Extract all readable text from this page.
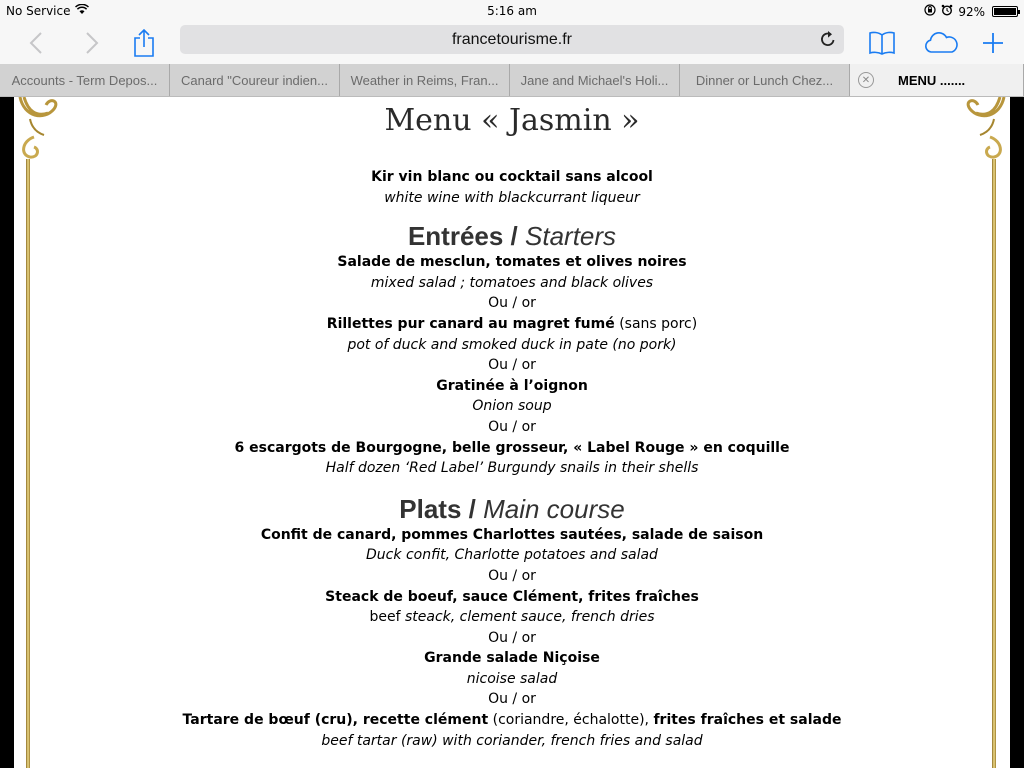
No Service	5:16 am	92%
francetourisme.fr
Accounts - Term Depos... Canard "Coureur indien... Weather in Reims, Fran... Jane and Michael's Holi... Dinner or Lunch Chez...	✕ MENU .......
Menu « Jasmin »
Kir vin blanc ou cocktail sans alcool
white wine with blackcurrant liqueur
Entrées / Starters
Salade de mesclun, tomates et olives noires
mixed salad ; tomatoes and black olives
Ou / or
Rillettes pur canard au magret fumé (sans porc)
pot of duck and smoked duck in pate (no pork)
Ou / or
Gratinée à l’oignon
Onion soup
Ou / or
6 escargots de Bourgogne, belle grosseur, « Label Rouge » en coquille
Half dozen ‘Red Label’ Burgundy snails in their shells
Plats / Main course
Confit de canard, pommes Charlottes sautées, salade de saison
Duck confit, Charlotte potatoes and salad
Ou / or
Steack de boeuf, sauce Clément, frites fraîches
beef steack, clement sauce, french dries
Ou / or
Grande salade Niçoise
nicoise salad
Ou / or
Tartare de bœuf (cru), recette clément (coriandre, échalotte), frites fraîches et salade
beef tartar (raw) with coriander, french fries and salad
